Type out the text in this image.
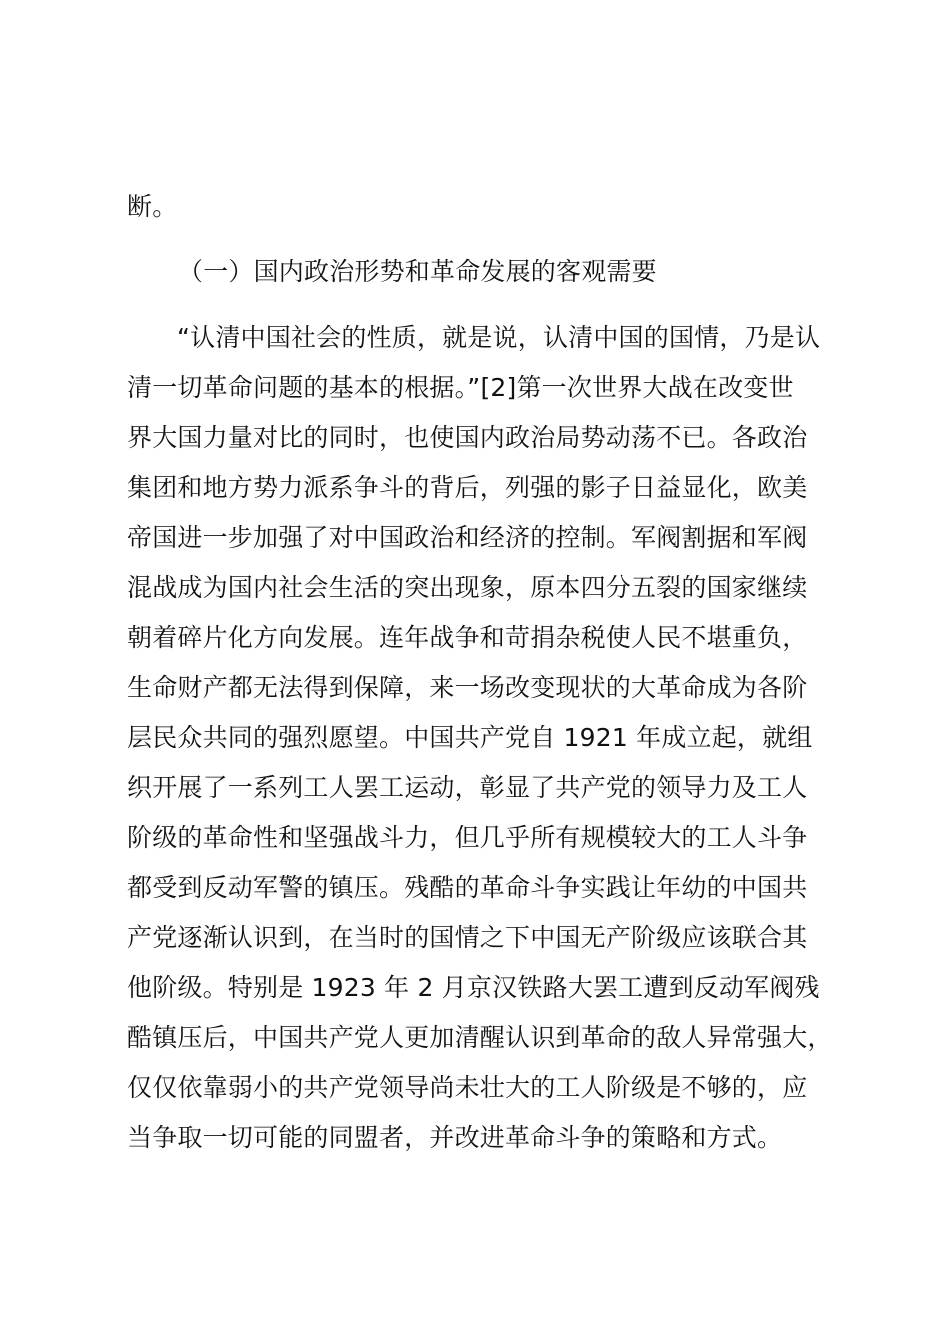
断。
（一）国内政治形势和革命发展的客观需要
“认清中国社会的性质，就是说，认清中国的国情，乃是认
清一切革命问题的基本的根据。”[2]第一次世界大战在改变世
界大国力量对比的同时，也使国内政治局势动荡不已。各政治
集团和地方势力派系争斗的背后，列强的影子日益显化，欧美
帝国进一步加强了对中国政治和经济的控制。军阀割据和军阀
混战成为国内社会生活的突出现象，原本四分五裂的国家继续
朝着碎片化方向发展。连年战争和苛捐杂税使人民不堪重负，
生命财产都无法得到保障，来一场改变现状的大革命成为各阶
层民众共同的强烈愿望。中国共产党自 1921 年成立起，就组
织开展了一系列工人罢工运动，彰显了共产党的领导力及工人
阶级的革命性和坚强战斗力，但几乎所有规模较大的工人斗争
都受到反动军警的镇压。残酷的革命斗争实践让年幼的中国共
产党逐渐认识到，在当时的国情之下中国无产阶级应该联合其
他阶级。特别是 1923 年 2 月京汉铁路大罢工遭到反动军阀残
酷镇压后，中国共产党人更加清醒认识到革命的敌人异常强大，
仅仅依靠弱小的共产党领导尚未壮大的工人阶级是不够的，应
当争取一切可能的同盟者，并改进革命斗争的策略和方式。
